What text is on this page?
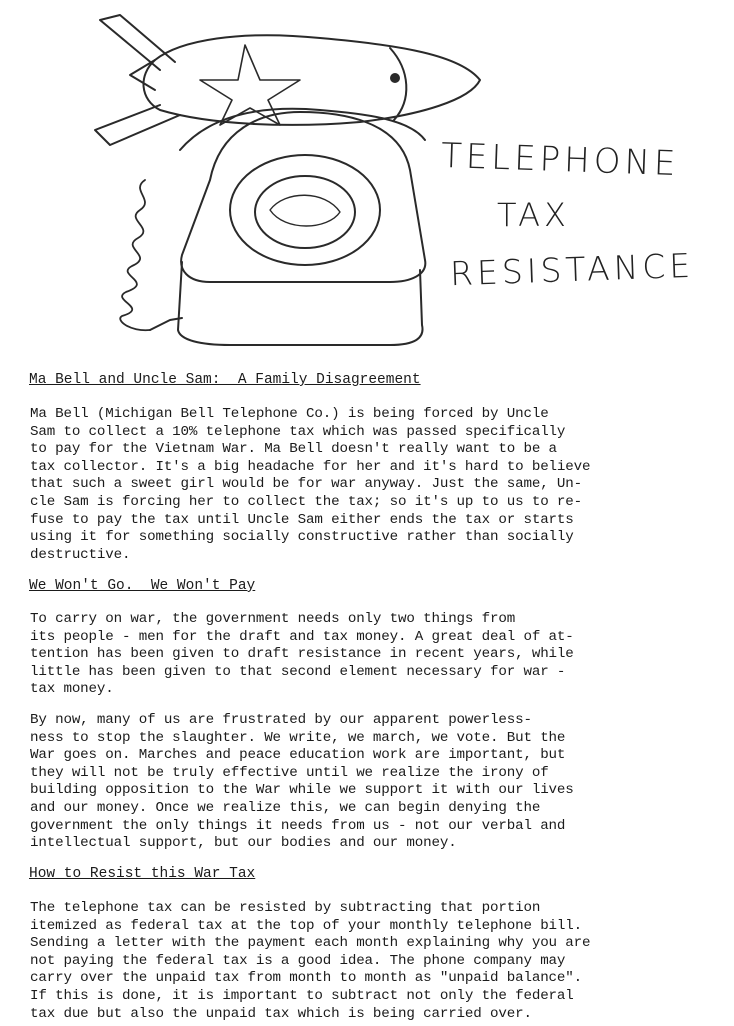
TELEPHONE
TAX
RESISTANCE
Ma Bell and Uncle Sam:  A Family Disagreement

Ma Bell (Michigan Bell Telephone Co.) is being forced by Uncle
Sam to collect a 10% telephone tax which was passed specifically
to pay for the Vietnam War. Ma Bell doesn't really want to be a
tax collector. It's a big headache for her and it's hard to believe
that such a sweet girl would be for war anyway. Just the same, Un-
cle Sam is forcing her to collect the tax; so it's up to us to re-
fuse to pay the tax until Uncle Sam either ends the tax or starts
using it for something socially constructive rather than socially
destructive.

We Won't Go.  We Won't Pay

To carry on war, the government needs only two things from
its people - men for the draft and tax money. A great deal of at-
tention has been given to draft resistance in recent years, while
little has been given to that second element necessary for war -
tax money.

By now, many of us are frustrated by our apparent powerless-
ness to stop the slaughter. We write, we march, we vote. But the
War goes on. Marches and peace education work are important, but
they will not be truly effective until we realize the irony of
building opposition to the War while we support it with our lives
and our money. Once we realize this, we can begin denying the
government the only things it needs from us - not our verbal and
intellectual support, but our bodies and our money.

How to Resist this War Tax

The telephone tax can be resisted by subtracting that portion
itemized as federal tax at the top of your monthly telephone bill.
Sending a letter with the payment each month explaining why you are
not paying the federal tax is a good idea. The phone company may
carry over the unpaid tax from month to month as "unpaid balance".
If this is done, it is important to subtract not only the federal
tax due but also the unpaid tax which is being carried over.
